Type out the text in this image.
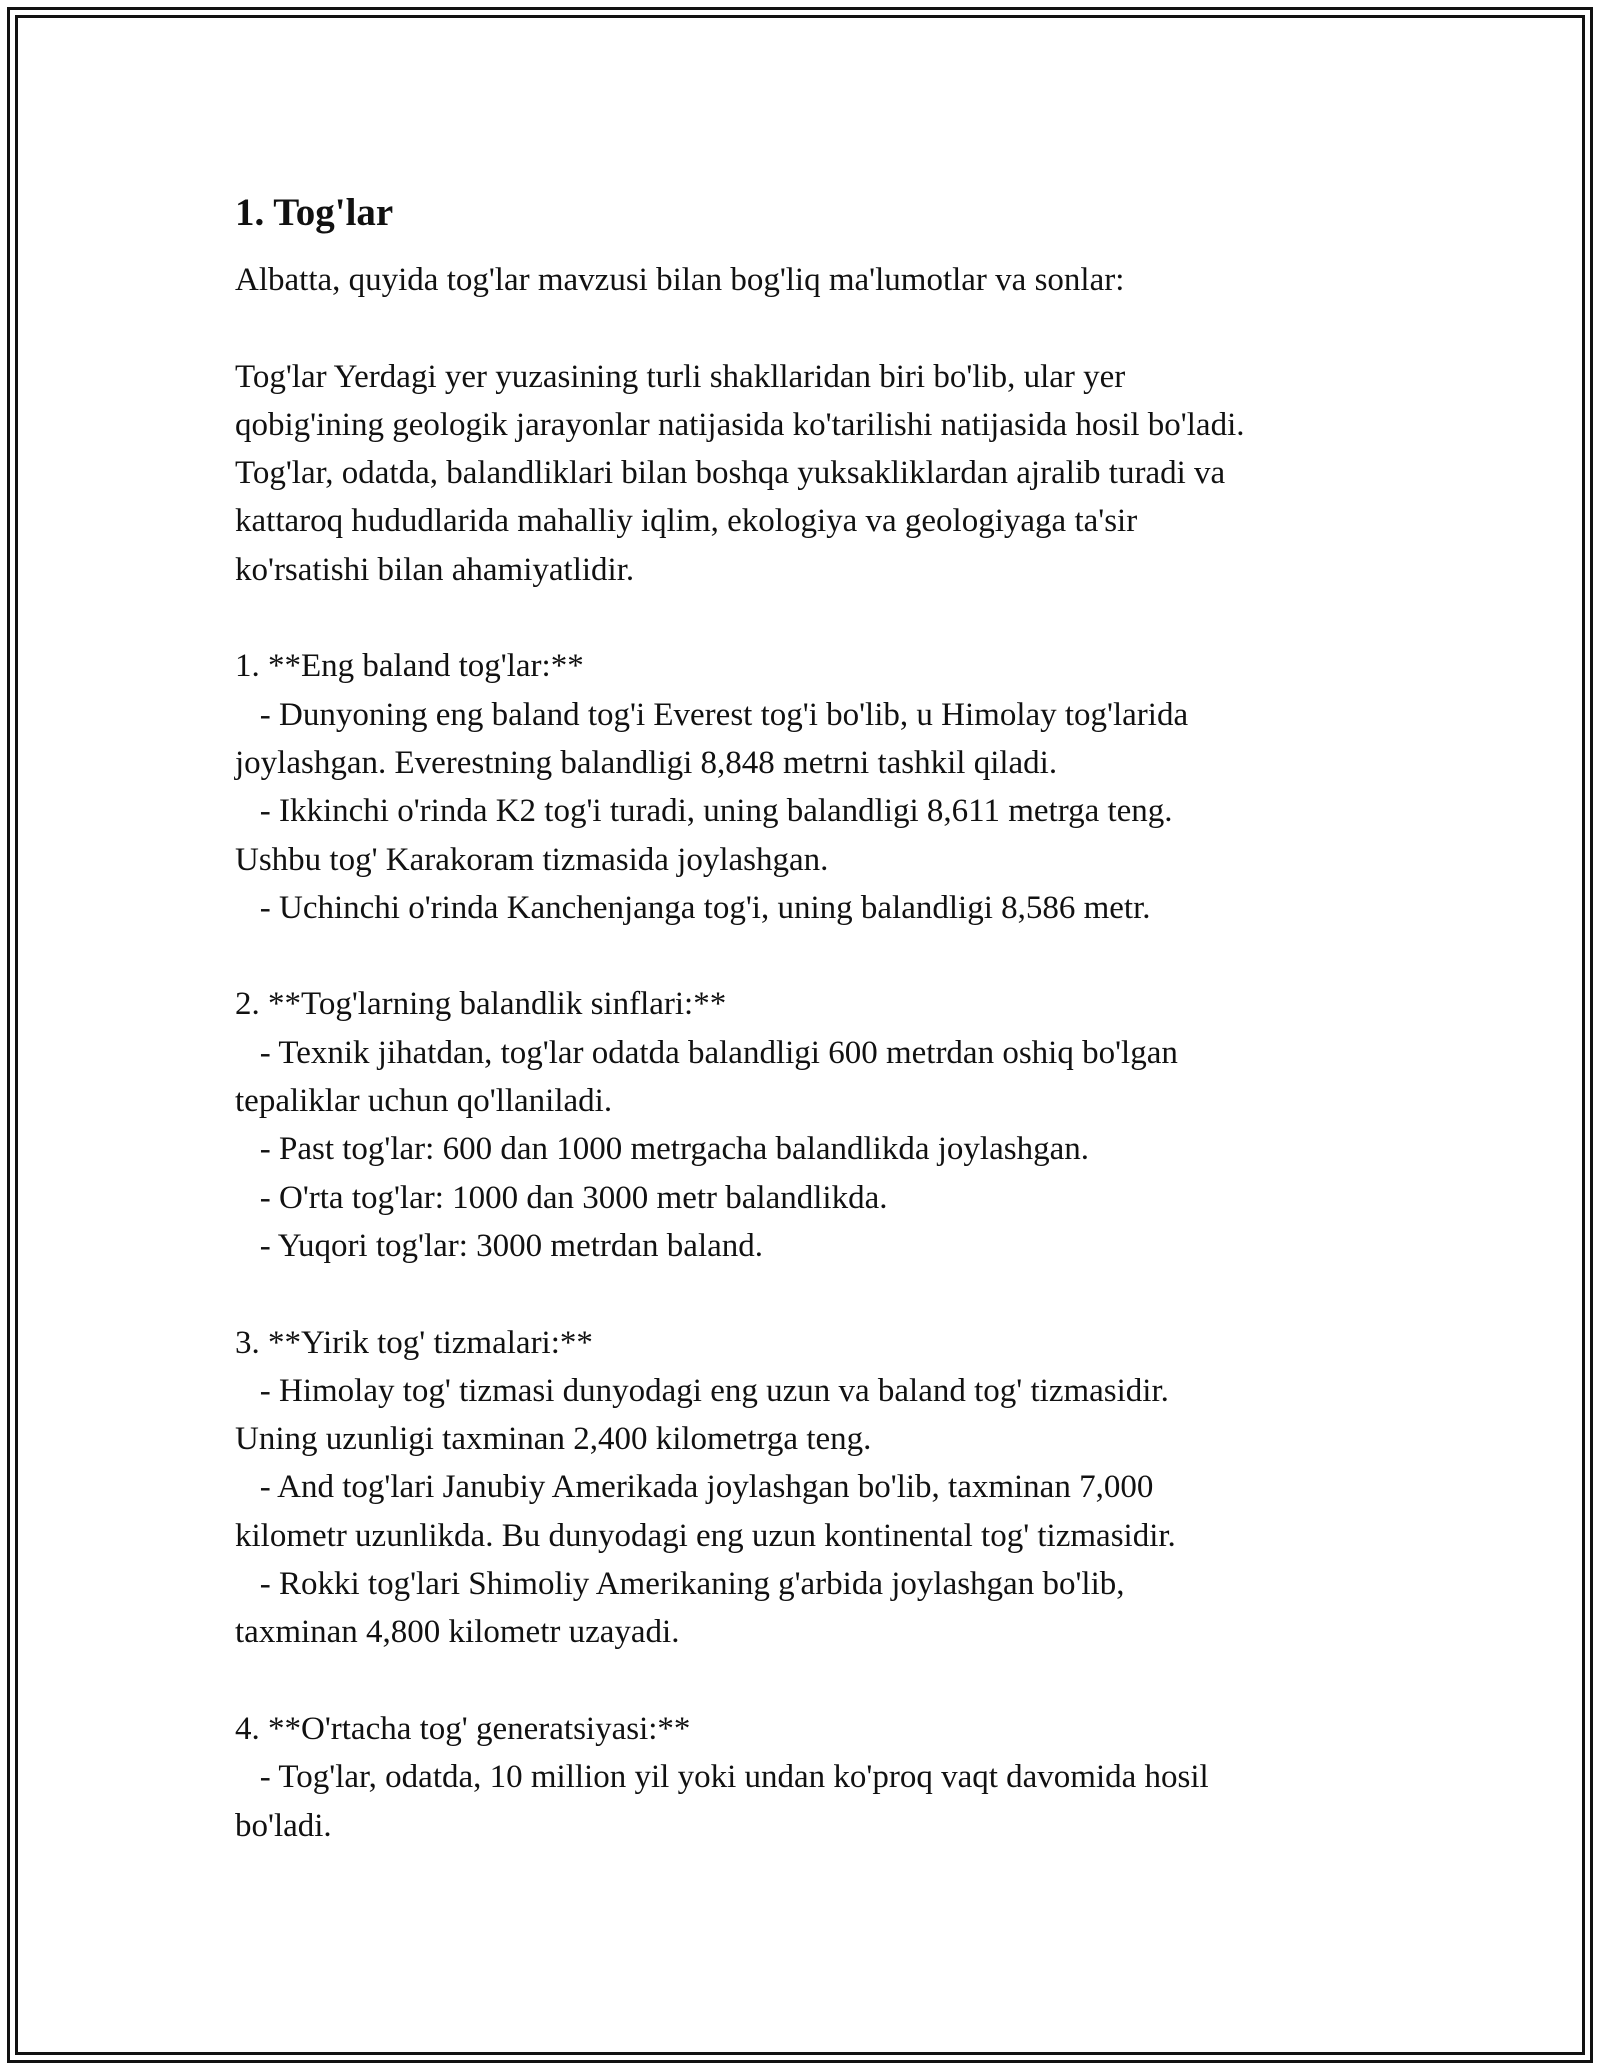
1. Tog'lar
Albatta, quyida tog'lar mavzusi bilan bog'liq ma'lumotlar va sonlar:
Tog'lar Yerdagi yer yuzasining turli shakllaridan biri bo'lib, ular yer
qobig'ining geologik jarayonlar natijasida ko'tarilishi natijasida hosil bo'ladi.
Tog'lar, odatda, balandliklari bilan boshqa yuksakliklardan ajralib turadi va
kattaroq hududlarida mahalliy iqlim, ekologiya va geologiyaga ta'sir
ko'rsatishi bilan ahamiyatlidir.
1. **Eng baland tog'lar:**
- Dunyoning eng baland tog'i Everest tog'i bo'lib, u Himolay tog'larida
joylashgan. Everestning balandligi 8,848 metrni tashkil qiladi.
- Ikkinchi o'rinda K2 tog'i turadi, uning balandligi 8,611 metrga teng.
Ushbu tog' Karakoram tizmasida joylashgan.
- Uchinchi o'rinda Kanchenjanga tog'i, uning balandligi 8,586 metr.
2. **Tog'larning balandlik sinflari:**
- Texnik jihatdan, tog'lar odatda balandligi 600 metrdan oshiq bo'lgan
tepaliklar uchun qo'llaniladi.
- Past tog'lar: 600 dan 1000 metrgacha balandlikda joylashgan.
- O'rta tog'lar: 1000 dan 3000 metr balandlikda.
- Yuqori tog'lar: 3000 metrdan baland.
3. **Yirik tog' tizmalari:**
- Himolay tog' tizmasi dunyodagi eng uzun va baland tog' tizmasidir.
Uning uzunligi taxminan 2,400 kilometrga teng.
- And tog'lari Janubiy Amerikada joylashgan bo'lib, taxminan 7,000
kilometr uzunlikda. Bu dunyodagi eng uzun kontinental tog' tizmasidir.
- Rokki tog'lari Shimoliy Amerikaning g'arbida joylashgan bo'lib,
taxminan 4,800 kilometr uzayadi.
4. **O'rtacha tog' generatsiyasi:**
- Tog'lar, odatda, 10 million yil yoki undan ko'proq vaqt davomida hosil
bo'ladi.
